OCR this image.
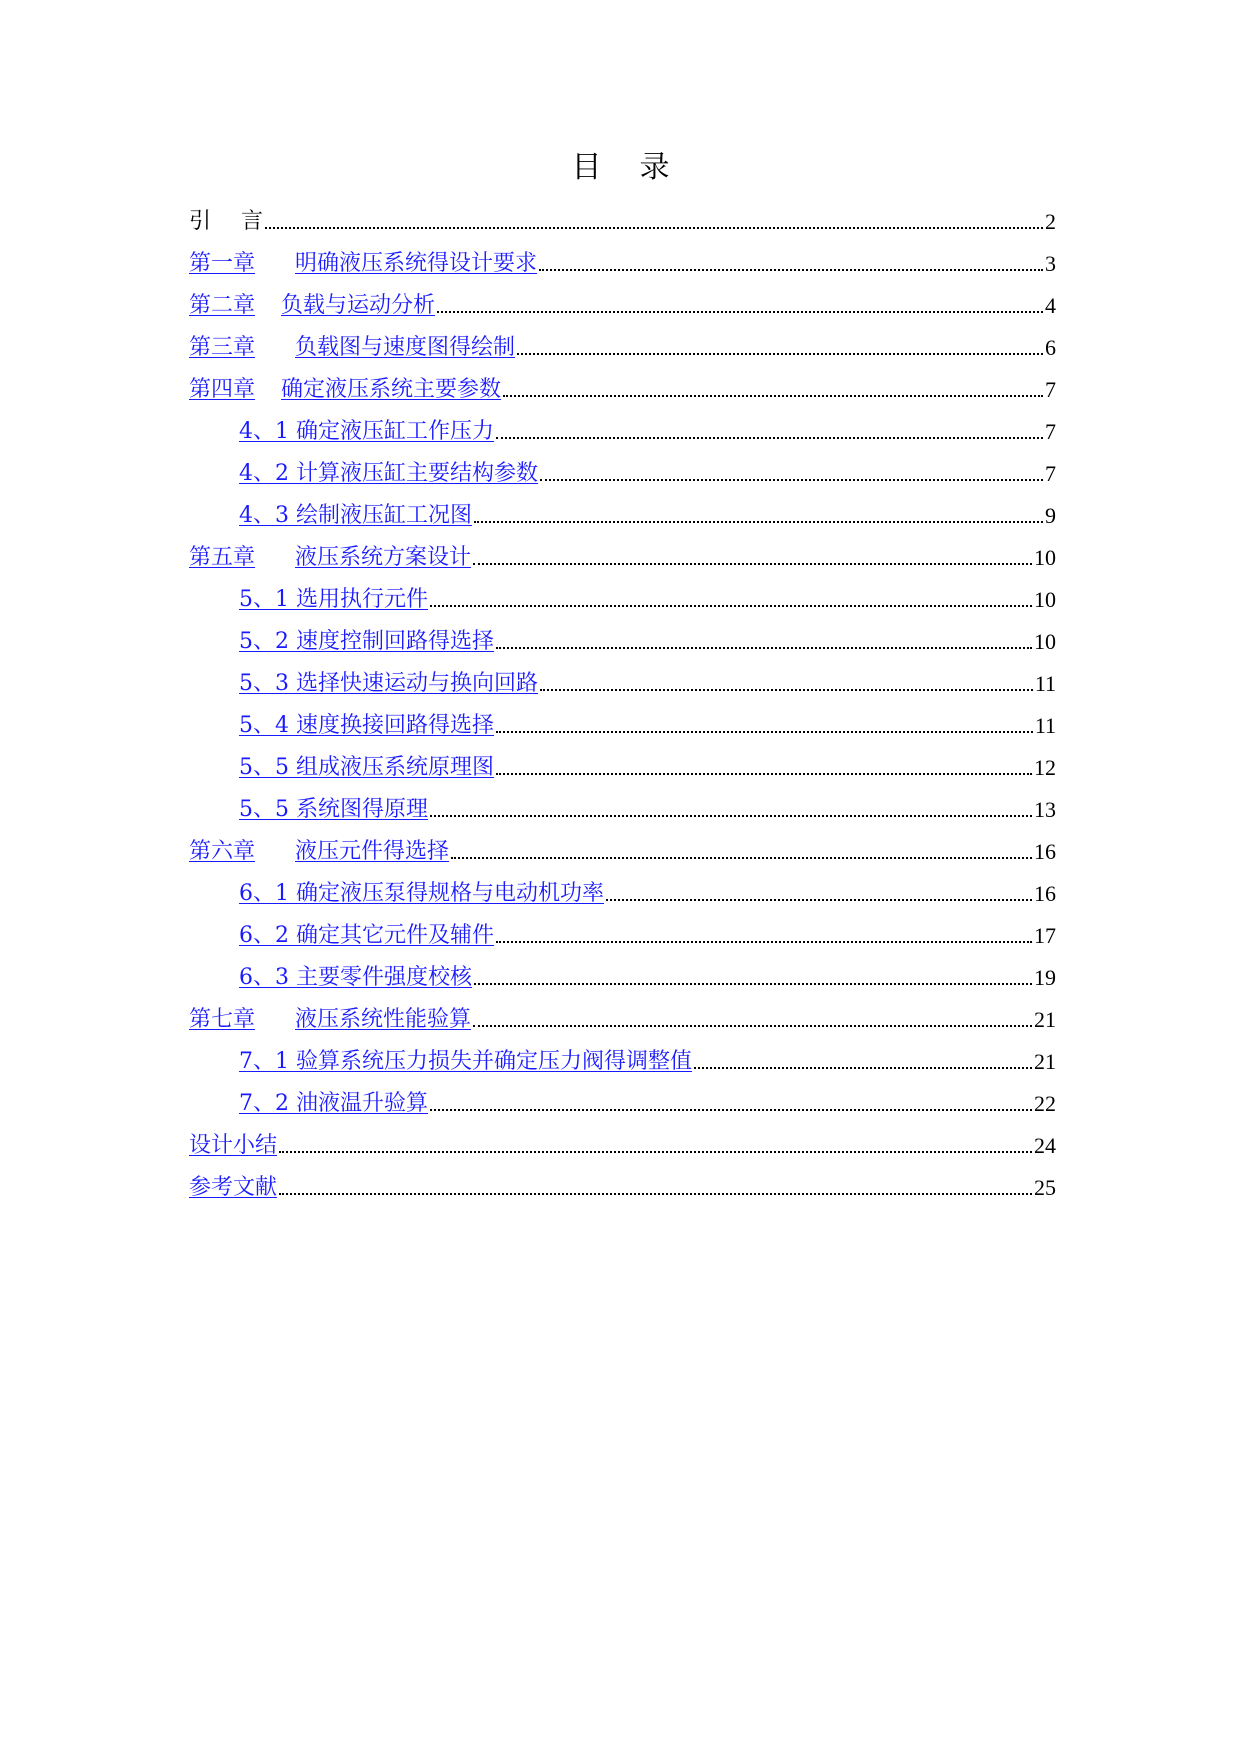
目 录
引 言	2
第一章 明确液压系统得设计要求	3
第二章 负载与运动分析	4
第三章 负载图与速度图得绘制	6
第四章 确定液压系统主要参数	7
4、1 确定液压缸工作压力	7
4、2 计算液压缸主要结构参数	7
4、3 绘制液压缸工况图	9
第五章 液压系统方案设计	10
5、1 选用执行元件	10
5、2 速度控制回路得选择	10
5、3 选择快速运动与换向回路	11
5、4 速度换接回路得选择	11
5、5 组成液压系统原理图	12
5、5 系统图得原理	13
第六章 液压元件得选择	16
6、1 确定液压泵得规格与电动机功率	16
6、2 确定其它元件及辅件	17
6、3 主要零件强度校核	19
第七章 液压系统性能验算	21
7、1 验算系统压力损失并确定压力阀得调整值	21
7、2 油液温升验算	22
设计小结	24
参考文献	25
